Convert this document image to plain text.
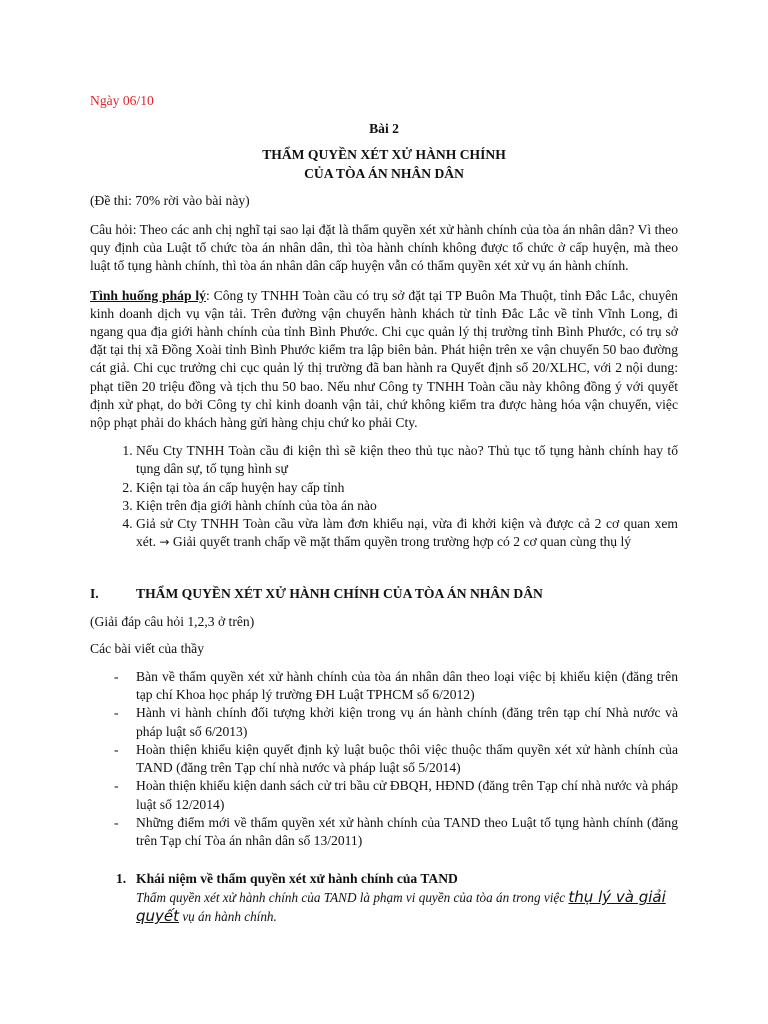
Ngày 06/10

Bài 2

THẨM QUYỀN XÉT XỬ HÀNH CHÍNH

CỦA TÒA ÁN NHÂN DÂN

(Đề thi: 70% rời vào bài này)

Câu hỏi: Theo các anh chị nghĩ tại sao lại đặt là thẩm quyền xét xử hành chính của tòa án nhân dân? Vì theo quy định của Luật tổ chức tòa án nhân dân, thì tòa hành chính không được tổ chức ở cấp huyện, mà theo luật tố tụng hành chính, thì tòa án nhân dân cấp huyện vẫn có thẩm quyền xét xử vụ án hành chính.

Tình huống pháp lý: Công ty TNHH Toàn cầu có trụ sở đặt tại TP Buôn Ma Thuột, tỉnh Đắc Lắc, chuyên kinh doanh dịch vụ vận tải. Trên đường vận chuyển hành khách từ tỉnh Đắc Lắc về tỉnh Vĩnh Long, đi ngang qua địa giới hành chính của tỉnh Bình Phước. Chi cục quản lý thị trường tỉnh Bình Phước, có trụ sở đặt tại thị xã Đồng Xoài tỉnh Bình Phước kiểm tra lập biên bản. Phát hiện trên xe vận chuyển 50 bao đường cát giả. Chi cục trưởng chi cục quản lý thị trường đã ban hành ra Quyết định số 20/XLHC, với 2 nội dung: phạt tiền 20 triệu đồng và tịch thu 50 bao. Nếu như Công ty TNHH Toàn cầu này không đồng ý với quyết định xử phạt, do bởi Công ty chỉ kinh doanh vận tải, chứ không kiểm tra được hàng hóa vận chuyển, việc nộp phạt phải do khách hàng gửi hàng chịu chứ ko phải Cty.

1. Nếu Cty TNHH Toàn cầu đi kiện thì sẽ kiện theo thủ tục nào? Thủ tục tố tụng hành chính hay tố tụng dân sự, tố tụng hình sự
2. Kiện tại tòa án cấp huyện hay cấp tỉnh
3. Kiện trên địa giới hành chính của tòa án nào
4. Giả sử Cty TNHH Toàn cầu vừa làm đơn khiếu nại, vừa đi khởi kiện và được cả 2 cơ quan xem xét. → Giải quyết tranh chấp về mặt thẩm quyền trong trường hợp có 2 cơ quan cùng thụ lý
I.	THẨM QUYỀN XÉT XỬ HÀNH CHÍNH CỦA TÒA ÁN NHÂN DÂN

(Giải đáp câu hỏi 1,2,3 ở trên)

Các bài viết của thầy

- Bàn về thẩm quyền xét xử hành chính của tòa án nhân dân theo loại việc bị khiếu kiện (đăng trên tạp chí Khoa học pháp lý trường ĐH Luật TPHCM số 6/2012)
- Hành vi hành chính đối tượng khởi kiện trong vụ án hành chính (đăng trên tạp chí Nhà nước và pháp luật số 6/2013)
- Hoàn thiện khiếu kiện quyết định kỷ luật buộc thôi việc thuộc thẩm quyền xét xử hành chính của TAND (đăng trên Tạp chí nhà nước và pháp luật số 5/2014)
- Hoàn thiện khiếu kiện danh sách cử tri bầu cử ĐBQH, HĐND (đăng trên Tạp chí nhà nước và pháp luật số 12/2014)
- Những điểm mới về thẩm quyền xét xử hành chính của TAND theo Luật tố tụng hành chính (đăng trên Tạp chí Tòa án nhân dân số 13/2011)
1. Khái niệm về thẩm quyền xét xử hành chính của TAND

Thẩm quyền xét xử hành chính của TAND là phạm vi quyền của tòa án trong việc thụ lý và giải quyết vụ án hành chính.
